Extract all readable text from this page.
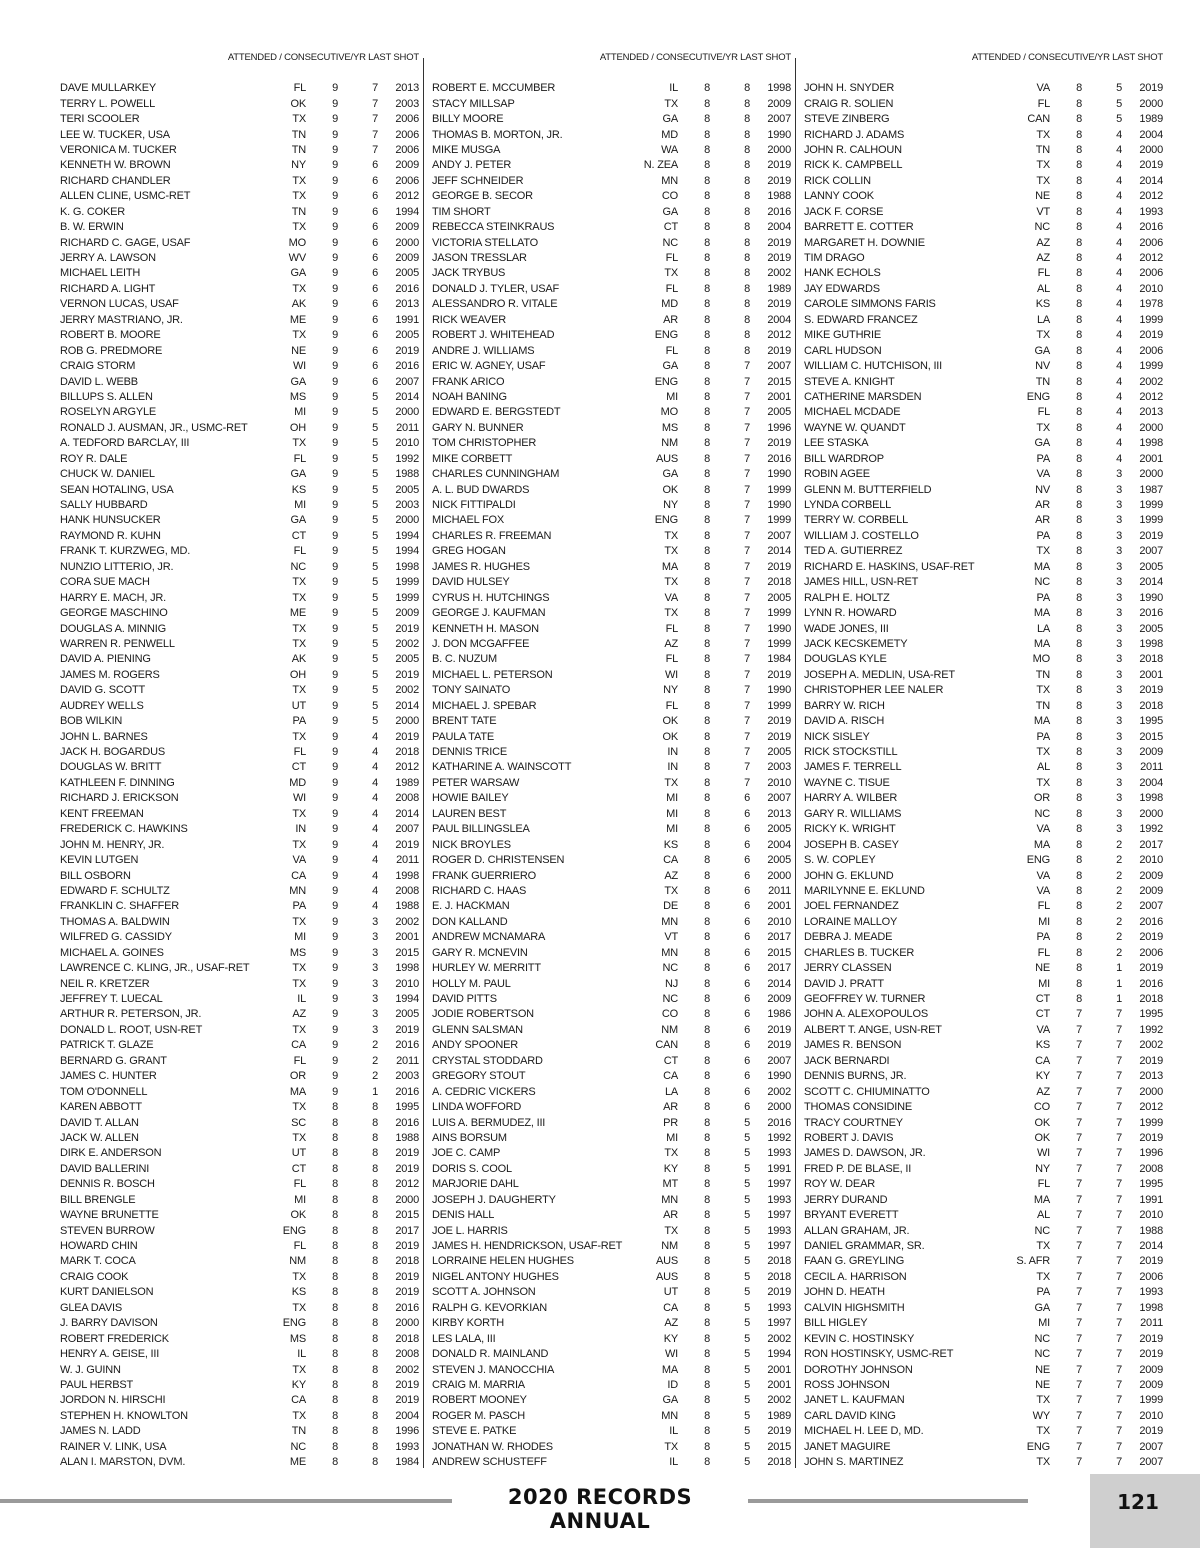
ATTENDED / CONSECUTIVE/YR LAST SHOT
DAVE MULLARKEY	FL	9	7	2013
TERRY L. POWELL	OK	9	7	2003
TERI SCOOLER	TX	9	7	2006
LEE W. TUCKER, USA	TN	9	7	2006
VERONICA M. TUCKER	TN	9	7	2006
KENNETH W. BROWN	NY	9	6	2009
RICHARD CHANDLER	TX	9	6	2006
ALLEN CLINE, USMC-RET	TX	9	6	2012
K. G. COKER	TN	9	6	1994
B. W. ERWIN	TX	9	6	2009
RICHARD C. GAGE, USAF	MO	9	6	2000
JERRY A. LAWSON	WV	9	6	2009
MICHAEL LEITH	GA	9	6	2005
RICHARD A. LIGHT	TX	9	6	2016
VERNON LUCAS, USAF	AK	9	6	2013
JERRY MASTRIANO, JR.	ME	9	6	1991
ROBERT B. MOORE	TX	9	6	2005
ROB G. PREDMORE	NE	9	6	2019
CRAIG STORM	WI	9	6	2016
DAVID L. WEBB	GA	9	6	2007
BILLUPS S. ALLEN	MS	9	5	2014
ROSELYN ARGYLE	MI	9	5	2000
RONALD J. AUSMAN, JR., USMC-RET	OH	9	5	2011
A. TEDFORD BARCLAY, III	TX	9	5	2010
ROY R. DALE	FL	9	5	1992
CHUCK W. DANIEL	GA	9	5	1988
SEAN HOTALING, USA	KS	9	5	2005
SALLY HUBBARD	MI	9	5	2003
HANK HUNSUCKER	GA	9	5	2000
RAYMOND R. KUHN	CT	9	5	1994
FRANK T. KURZWEG, MD.	FL	9	5	1994
NUNZIO LITTERIO, JR.	NC	9	5	1998
CORA SUE MACH	TX	9	5	1999
HARRY E. MACH, JR.	TX	9	5	1999
GEORGE MASCHINO	ME	9	5	2009
DOUGLAS A. MINNIG	TX	9	5	2019
WARREN R. PENWELL	TX	9	5	2002
DAVID A. PIENING	AK	9	5	2005
JAMES M. ROGERS	OH	9	5	2019
DAVID G. SCOTT	TX	9	5	2002
AUDREY WELLS	UT	9	5	2014
BOB WILKIN	PA	9	5	2000
JOHN L. BARNES	TX	9	4	2019
JACK H. BOGARDUS	FL	9	4	2018
DOUGLAS W. BRITT	CT	9	4	2012
KATHLEEN F. DINNING	MD	9	4	1989
RICHARD J. ERICKSON	WI	9	4	2008
KENT FREEMAN	TX	9	4	2014
FREDERICK C. HAWKINS	IN	9	4	2007
JOHN M. HENRY, JR.	TX	9	4	2019
KEVIN LUTGEN	VA	9	4	2011
BILL OSBORN	CA	9	4	1998
EDWARD F. SCHULTZ	MN	9	4	2008
FRANKLIN C. SHAFFER	PA	9	4	1988
THOMAS A. BALDWIN	TX	9	3	2002
WILFRED G. CASSIDY	MI	9	3	2001
MICHAEL A. GOINES	MS	9	3	2015
LAWRENCE C. KLING, JR., USAF-RET	TX	9	3	1998
NEIL R. KRETZER	TX	9	3	2010
JEFFREY T. LUECAL	IL	9	3	1994
ARTHUR R. PETERSON, JR.	AZ	9	3	2005
DONALD L. ROOT, USN-RET	TX	9	3	2019
PATRICK T. GLAZE	CA	9	2	2016
BERNARD G. GRANT	FL	9	2	2011
JAMES C. HUNTER	OR	9	2	2003
TOM O'DONNELL	MA	9	1	2016
KAREN ABBOTT	TX	8	8	1995
DAVID T. ALLAN	SC	8	8	2016
JACK W. ALLEN	TX	8	8	1988
DIRK E. ANDERSON	UT	8	8	2019
DAVID BALLERINI	CT	8	8	2019
DENNIS R. BOSCH	FL	8	8	2012
BILL BRENGLE	MI	8	8	2000
WAYNE BRUNETTE	OK	8	8	2015
STEVEN BURROW	ENG	8	8	2017
HOWARD CHIN	FL	8	8	2019
MARK T. COCA	NM	8	8	2018
CRAIG COOK	TX	8	8	2019
KURT DANIELSON	KS	8	8	2019
GLEA DAVIS	TX	8	8	2016
J. BARRY DAVISON	ENG	8	8	2000
ROBERT FREDERICK	MS	8	8	2018
HENRY A. GEISE, III	IL	8	8	2008
W. J. GUINN	TX	8	8	2002
PAUL HERBST	KY	8	8	2019
JORDON N. HIRSCHI	CA	8	8	2019
STEPHEN H. KNOWLTON	TX	8	8	2004
JAMES N. LADD	TN	8	8	1996
RAINER V. LINK, USA	NC	8	8	1993
ALAN I. MARSTON, DVM.	ME	8	8	1984
ATTENDED / CONSECUTIVE/YR LAST SHOT
ROBERT E. MCCUMBER	IL	8	8	1998
STACY MILLSAP	TX	8	8	2009
BILLY MOORE	GA	8	8	2007
THOMAS B. MORTON, JR.	MD	8	8	1990
MIKE MUSGA	WA	8	8	2000
ANDY J. PETER	N. ZEA	8	8	2019
JEFF SCHNEIDER	MN	8	8	2019
GEORGE B. SECOR	CO	8	8	1988
TIM SHORT	GA	8	8	2016
REBECCA STEINKRAUS	CT	8	8	2004
VICTORIA STELLATO	NC	8	8	2019
JASON TRESSLAR	FL	8	8	2019
JACK TRYBUS	TX	8	8	2002
DONALD J. TYLER, USAF	FL	8	8	1989
ALESSANDRO R. VITALE	MD	8	8	2019
RICK WEAVER	AR	8	8	2004
ROBERT J. WHITEHEAD	ENG	8	8	2012
ANDRE J. WILLIAMS	FL	8	8	2019
ERIC W. AGNEY, USAF	GA	8	7	2007
FRANK ARICO	ENG	8	7	2015
NOAH BANING	MI	8	7	2001
EDWARD E. BERGSTEDT	MO	8	7	2005
GARY N. BUNNER	MS	8	7	1996
TOM CHRISTOPHER	NM	8	7	2019
MIKE CORBETT	AUS	8	7	2016
CHARLES CUNNINGHAM	GA	8	7	1990
A. L. BUD DWARDS	OK	8	7	1999
NICK FITTIPALDI	NY	8	7	1990
MICHAEL FOX	ENG	8	7	1999
CHARLES R. FREEMAN	TX	8	7	2007
GREG HOGAN	TX	8	7	2014
JAMES R. HUGHES	MA	8	7	2019
DAVID HULSEY	TX	8	7	2018
CYRUS H. HUTCHINGS	VA	8	7	2005
GEORGE J. KAUFMAN	TX	8	7	1999
KENNETH H. MASON	FL	8	7	1990
J. DON MCGAFFEE	AZ	8	7	1999
B. C. NUZUM	FL	8	7	1984
MICHAEL L. PETERSON	WI	8	7	2019
TONY SAINATO	NY	8	7	1990
MICHAEL J. SPEBAR	FL	8	7	1999
BRENT TATE	OK	8	7	2019
PAULA TATE	OK	8	7	2019
DENNIS TRICE	IN	8	7	2005
KATHARINE A. WAINSCOTT	IN	8	7	2003
PETER WARSAW	TX	8	7	2010
HOWIE BAILEY	MI	8	6	2007
LAUREN BEST	MI	8	6	2013
PAUL BILLINGSLEA	MI	8	6	2005
NICK BROYLES	KS	8	6	2004
ROGER D. CHRISTENSEN	CA	8	6	2005
FRANK GUERRIERO	AZ	8	6	2000
RICHARD C. HAAS	TX	8	6	2011
E. J. HACKMAN	DE	8	6	2001
DON KALLAND	MN	8	6	2010
ANDREW MCNAMARA	VT	8	6	2017
GARY R. MCNEVIN	MN	8	6	2015
HURLEY W. MERRITT	NC	8	6	2017
HOLLY M. PAUL	NJ	8	6	2014
DAVID PITTS	NC	8	6	2009
JODIE ROBERTSON	CO	8	6	1986
GLENN SALSMAN	NM	8	6	2019
ANDY SPOONER	CAN	8	6	2019
CRYSTAL STODDARD	CT	8	6	2007
GREGORY STOUT	CA	8	6	1990
A. CEDRIC VICKERS	LA	8	6	2002
LINDA WOFFORD	AR	8	6	2000
LUIS A. BERMUDEZ, III	PR	8	5	2016
AINS BORSUM	MI	8	5	1992
JOE C. CAMP	TX	8	5	1993
DORIS S. COOL	KY	8	5	1991
MARJORIE DAHL	MT	8	5	1997
JOSEPH J. DAUGHERTY	MN	8	5	1993
DENIS HALL	AR	8	5	1997
JOE L. HARRIS	TX	8	5	1993
JAMES H. HENDRICKSON, USAF-RET	NM	8	5	1997
LORRAINE HELEN HUGHES	AUS	8	5	2018
NIGEL ANTONY HUGHES	AUS	8	5	2018
SCOTT A. JOHNSON	UT	8	5	2019
RALPH G. KEVORKIAN	CA	8	5	1993
KIRBY KORTH	AZ	8	5	1997
LES LALA, III	KY	8	5	2002
DONALD R. MAINLAND	WI	8	5	1994
STEVEN J. MANOCCHIA	MA	8	5	2001
CRAIG M. MARRIA	ID	8	5	2001
ROBERT MOONEY	GA	8	5	2002
ROGER M. PASCH	MN	8	5	1989
STEVE E. PATKE	IL	8	5	2019
JONATHAN W. RHODES	TX	8	5	2015
ANDREW SCHUSTEFF	IL	8	5	2018
ATTENDED / CONSECUTIVE/YR LAST SHOT
JOHN H. SNYDER	VA	8	5	2019
CRAIG R. SOLIEN	FL	8	5	2000
STEVE ZINBERG	CAN	8	5	1989
RICHARD J. ADAMS	TX	8	4	2004
JOHN R. CALHOUN	TN	8	4	2000
RICK K. CAMPBELL	TX	8	4	2019
RICK COLLIN	TX	8	4	2014
LANNY COOK	NE	8	4	2012
JACK F. CORSE	VT	8	4	1993
BARRETT E. COTTER	NC	8	4	2016
MARGARET H. DOWNIE	AZ	8	4	2006
TIM DRAGO	AZ	8	4	2012
HANK ECHOLS	FL	8	4	2006
JAY EDWARDS	AL	8	4	2010
CAROLE SIMMONS FARIS	KS	8	4	1978
S. EDWARD FRANCEZ	LA	8	4	1999
MIKE GUTHRIE	TX	8	4	2019
CARL HUDSON	GA	8	4	2006
WILLIAM C. HUTCHISON, III	NV	8	4	1999
STEVE A. KNIGHT	TN	8	4	2002
CATHERINE MARSDEN	ENG	8	4	2012
MICHAEL MCDADE	FL	8	4	2013
WAYNE W. QUANDT	TX	8	4	2000
LEE STASKA	GA	8	4	1998
BILL WARDROP	PA	8	4	2001
ROBIN AGEE	VA	8	3	2000
GLENN M. BUTTERFIELD	NV	8	3	1987
LYNDA CORBELL	AR	8	3	1999
TERRY W. CORBELL	AR	8	3	1999
WILLIAM J. COSTELLO	PA	8	3	2019
TED A. GUTIERREZ	TX	8	3	2007
RICHARD E. HASKINS, USAF-RET	MA	8	3	2005
JAMES HILL, USN-RET	NC	8	3	2014
RALPH E. HOLTZ	PA	8	3	1990
LYNN R. HOWARD	MA	8	3	2016
WADE JONES, III	LA	8	3	2005
JACK KECSKEMETY	MA	8	3	1998
DOUGLAS KYLE	MO	8	3	2018
JOSEPH A. MEDLIN, USA-RET	TN	8	3	2001
CHRISTOPHER LEE NALER	TX	8	3	2019
BARRY W. RICH	TN	8	3	2018
DAVID A. RISCH	MA	8	3	1995
NICK SISLEY	PA	8	3	2015
RICK STOCKSTILL	TX	8	3	2009
JAMES F. TERRELL	AL	8	3	2011
WAYNE C. TISUE	TX	8	3	2004
HARRY A. WILBER	OR	8	3	1998
GARY R. WILLIAMS	NC	8	3	2000
RICKY K. WRIGHT	VA	8	3	1992
JOSEPH B. CASEY	MA	8	2	2017
S. W. COPLEY	ENG	8	2	2010
JOHN G. EKLUND	VA	8	2	2009
MARILYNNE E. EKLUND	VA	8	2	2009
JOEL FERNANDEZ	FL	8	2	2007
LORAINE MALLOY	MI	8	2	2016
DEBRA J. MEADE	PA	8	2	2019
CHARLES B. TUCKER	FL	8	2	2006
JERRY CLASSEN	NE	8	1	2019
DAVID J. PRATT	MI	8	1	2016
GEOFFREY W. TURNER	CT	8	1	2018
JOHN A. ALEXOPOULOS	CT	7	7	1995
ALBERT T. ANGE, USN-RET	VA	7	7	1992
JAMES R. BENSON	KS	7	7	2002
JACK BERNARDI	CA	7	7	2019
DENNIS BURNS, JR.	KY	7	7	2013
SCOTT C. CHIUMINATTO	AZ	7	7	2000
THOMAS CONSIDINE	CO	7	7	2012
TRACY COURTNEY	OK	7	7	1999
ROBERT J. DAVIS	OK	7	7	2019
JAMES D. DAWSON, JR.	WI	7	7	1996
FRED P. DE BLASE, II	NY	7	7	2008
ROY W. DEAR	FL	7	7	1995
JERRY DURAND	MA	7	7	1991
BRYANT EVERETT	AL	7	7	2010
ALLAN GRAHAM, JR.	NC	7	7	1988
DANIEL GRAMMAR, SR.	TX	7	7	2014
FAAN G. GREYLING	S. AFR	7	7	2019
CECIL A. HARRISON	TX	7	7	2006
JOHN D. HEATH	PA	7	7	1993
CALVIN HIGHSMITH	GA	7	7	1998
BILL HIGLEY	MI	7	7	2011
KEVIN C. HOSTINSKY	NC	7	7	2019
RON HOSTINSKY, USMC-RET	NC	7	7	2019
DOROTHY JOHNSON	NE	7	7	2009
ROSS JOHNSON	NE	7	7	2009
JANET L. KAUFMAN	TX	7	7	1999
CARL DAVID KING	WY	7	7	2010
MICHAEL H. LEE D, MD.	TX	7	7	2019
JANET MAGUIRE	ENG	7	7	2007
JOHN S. MARTINEZ	TX	7	7	2007
2020 RECORDS ANNUAL
121
